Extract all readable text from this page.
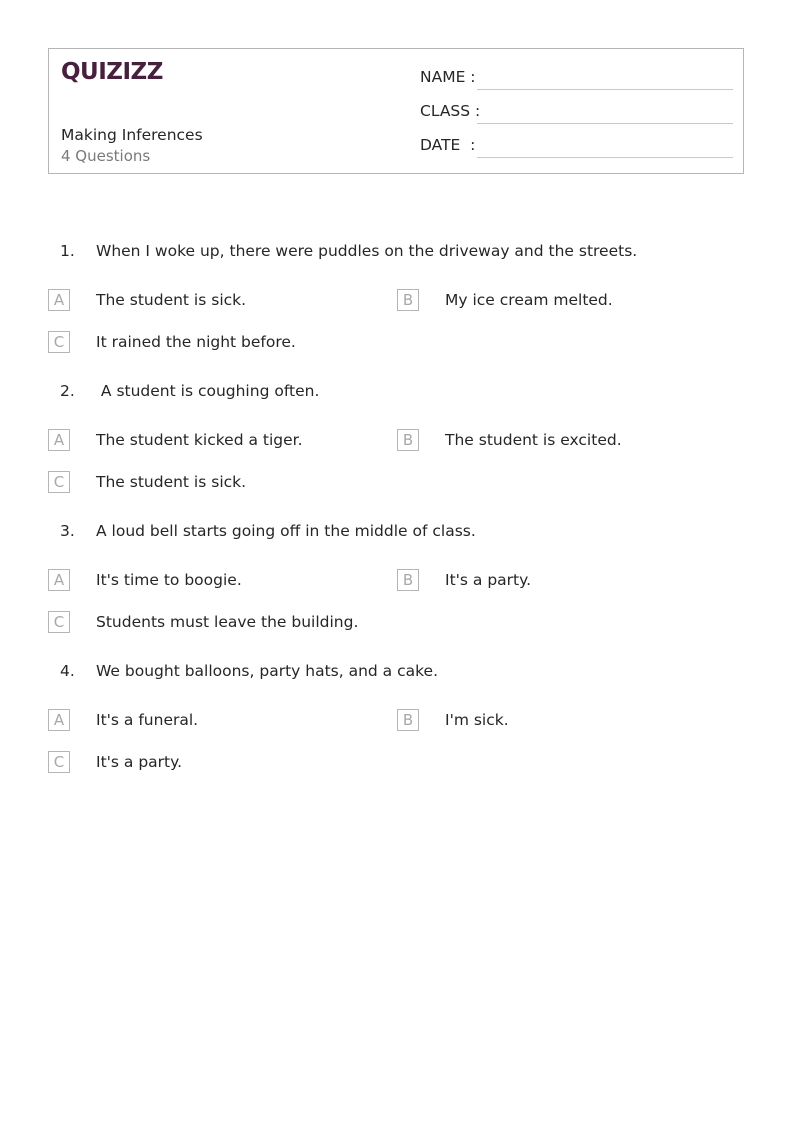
QUIZIZZ
Making Inferences
4 Questions
NAME :
CLASS :
DATE  :
1. When I woke up, there were puddles on the driveway and the streets.
A	The student is sick.	B	My ice cream melted.
C	It rained the night before.
2. A student is coughing often.
A	The student kicked a tiger.	B	The student is excited.
C	The student is sick.
3. A loud bell starts going off in the middle of class.
A	It's time to boogie.	B	It's a party.
C	Students must leave the building.
4. We bought balloons, party hats, and a cake.
A	It's a funeral.	B	I'm sick.
C	It's a party.
